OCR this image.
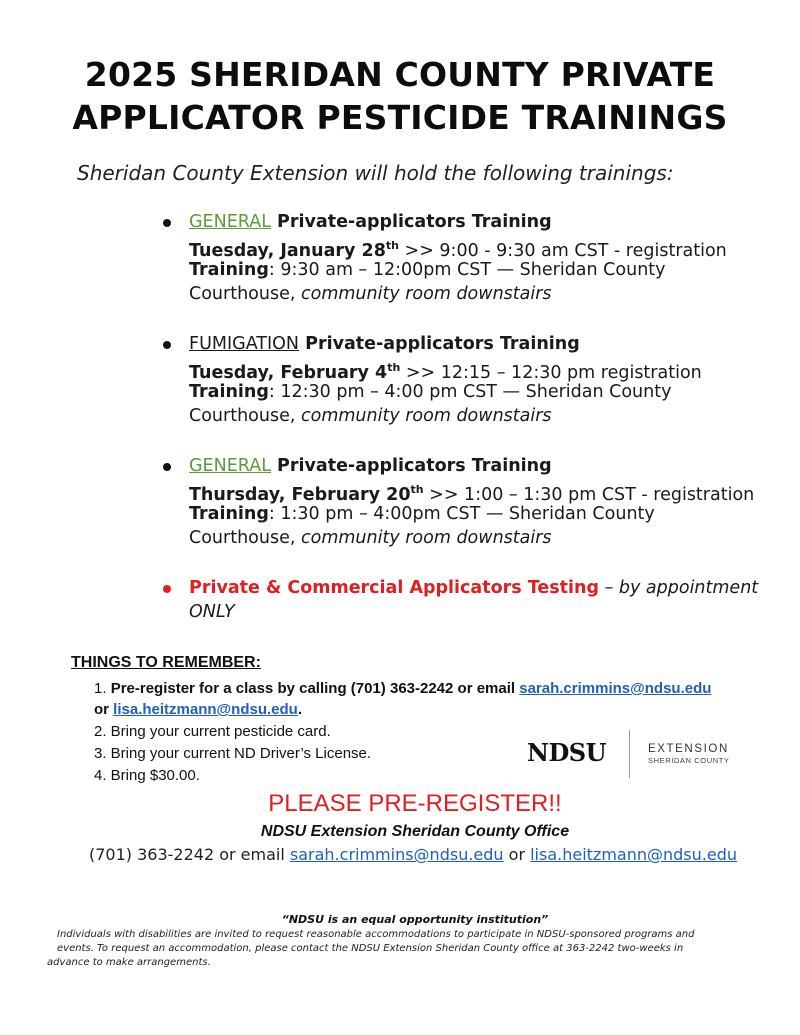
2025 SHERIDAN COUNTY PRIVATE
APPLICATOR PESTICIDE TRAININGS
Sheridan County Extension will hold the following trainings:
GENERAL Private-applicators Training
Tuesday, January 28th >> 9:00 - 9:30 am CST - registration
Training: 9:30 am – 12:00pm CST — Sheridan County
Courthouse, community room downstairs
FUMIGATION Private-applicators Training
Tuesday, February 4th >> 12:15 – 12:30 pm registration
Training: 12:30 pm – 4:00 pm CST — Sheridan County
Courthouse, community room downstairs
GENERAL Private-applicators Training
Thursday, February 20th >> 1:00 – 1:30 pm CST - registration
Training: 1:30 pm – 4:00pm CST — Sheridan County
Courthouse, community room downstairs
Private & Commercial Applicators Testing – by appointment
ONLY
THINGS TO REMEMBER:
1. Pre-register for a class by calling (701) 363-2242 or email sarah.crimmins@ndsu.edu
or lisa.heitzmann@ndsu.edu.
2. Bring your current pesticide card.
3. Bring your current ND Driver’s License.
4. Bring $30.00.
NDSU	EXTENSION
SHERIDAN COUNTY
PLEASE PRE-REGISTER!!
NDSU Extension Sheridan County Office
(701) 363-2242 or email sarah.crimmins@ndsu.edu or lisa.heitzmann@ndsu.edu
“NDSU is an equal opportunity institution”
Individuals with disabilities are invited to request reasonable accommodations to participate in NDSU-sponsored programs and
events. To request an accommodation, please contact the NDSU Extension Sheridan County office at 363-2242 two-weeks in
advance to make arrangements.
